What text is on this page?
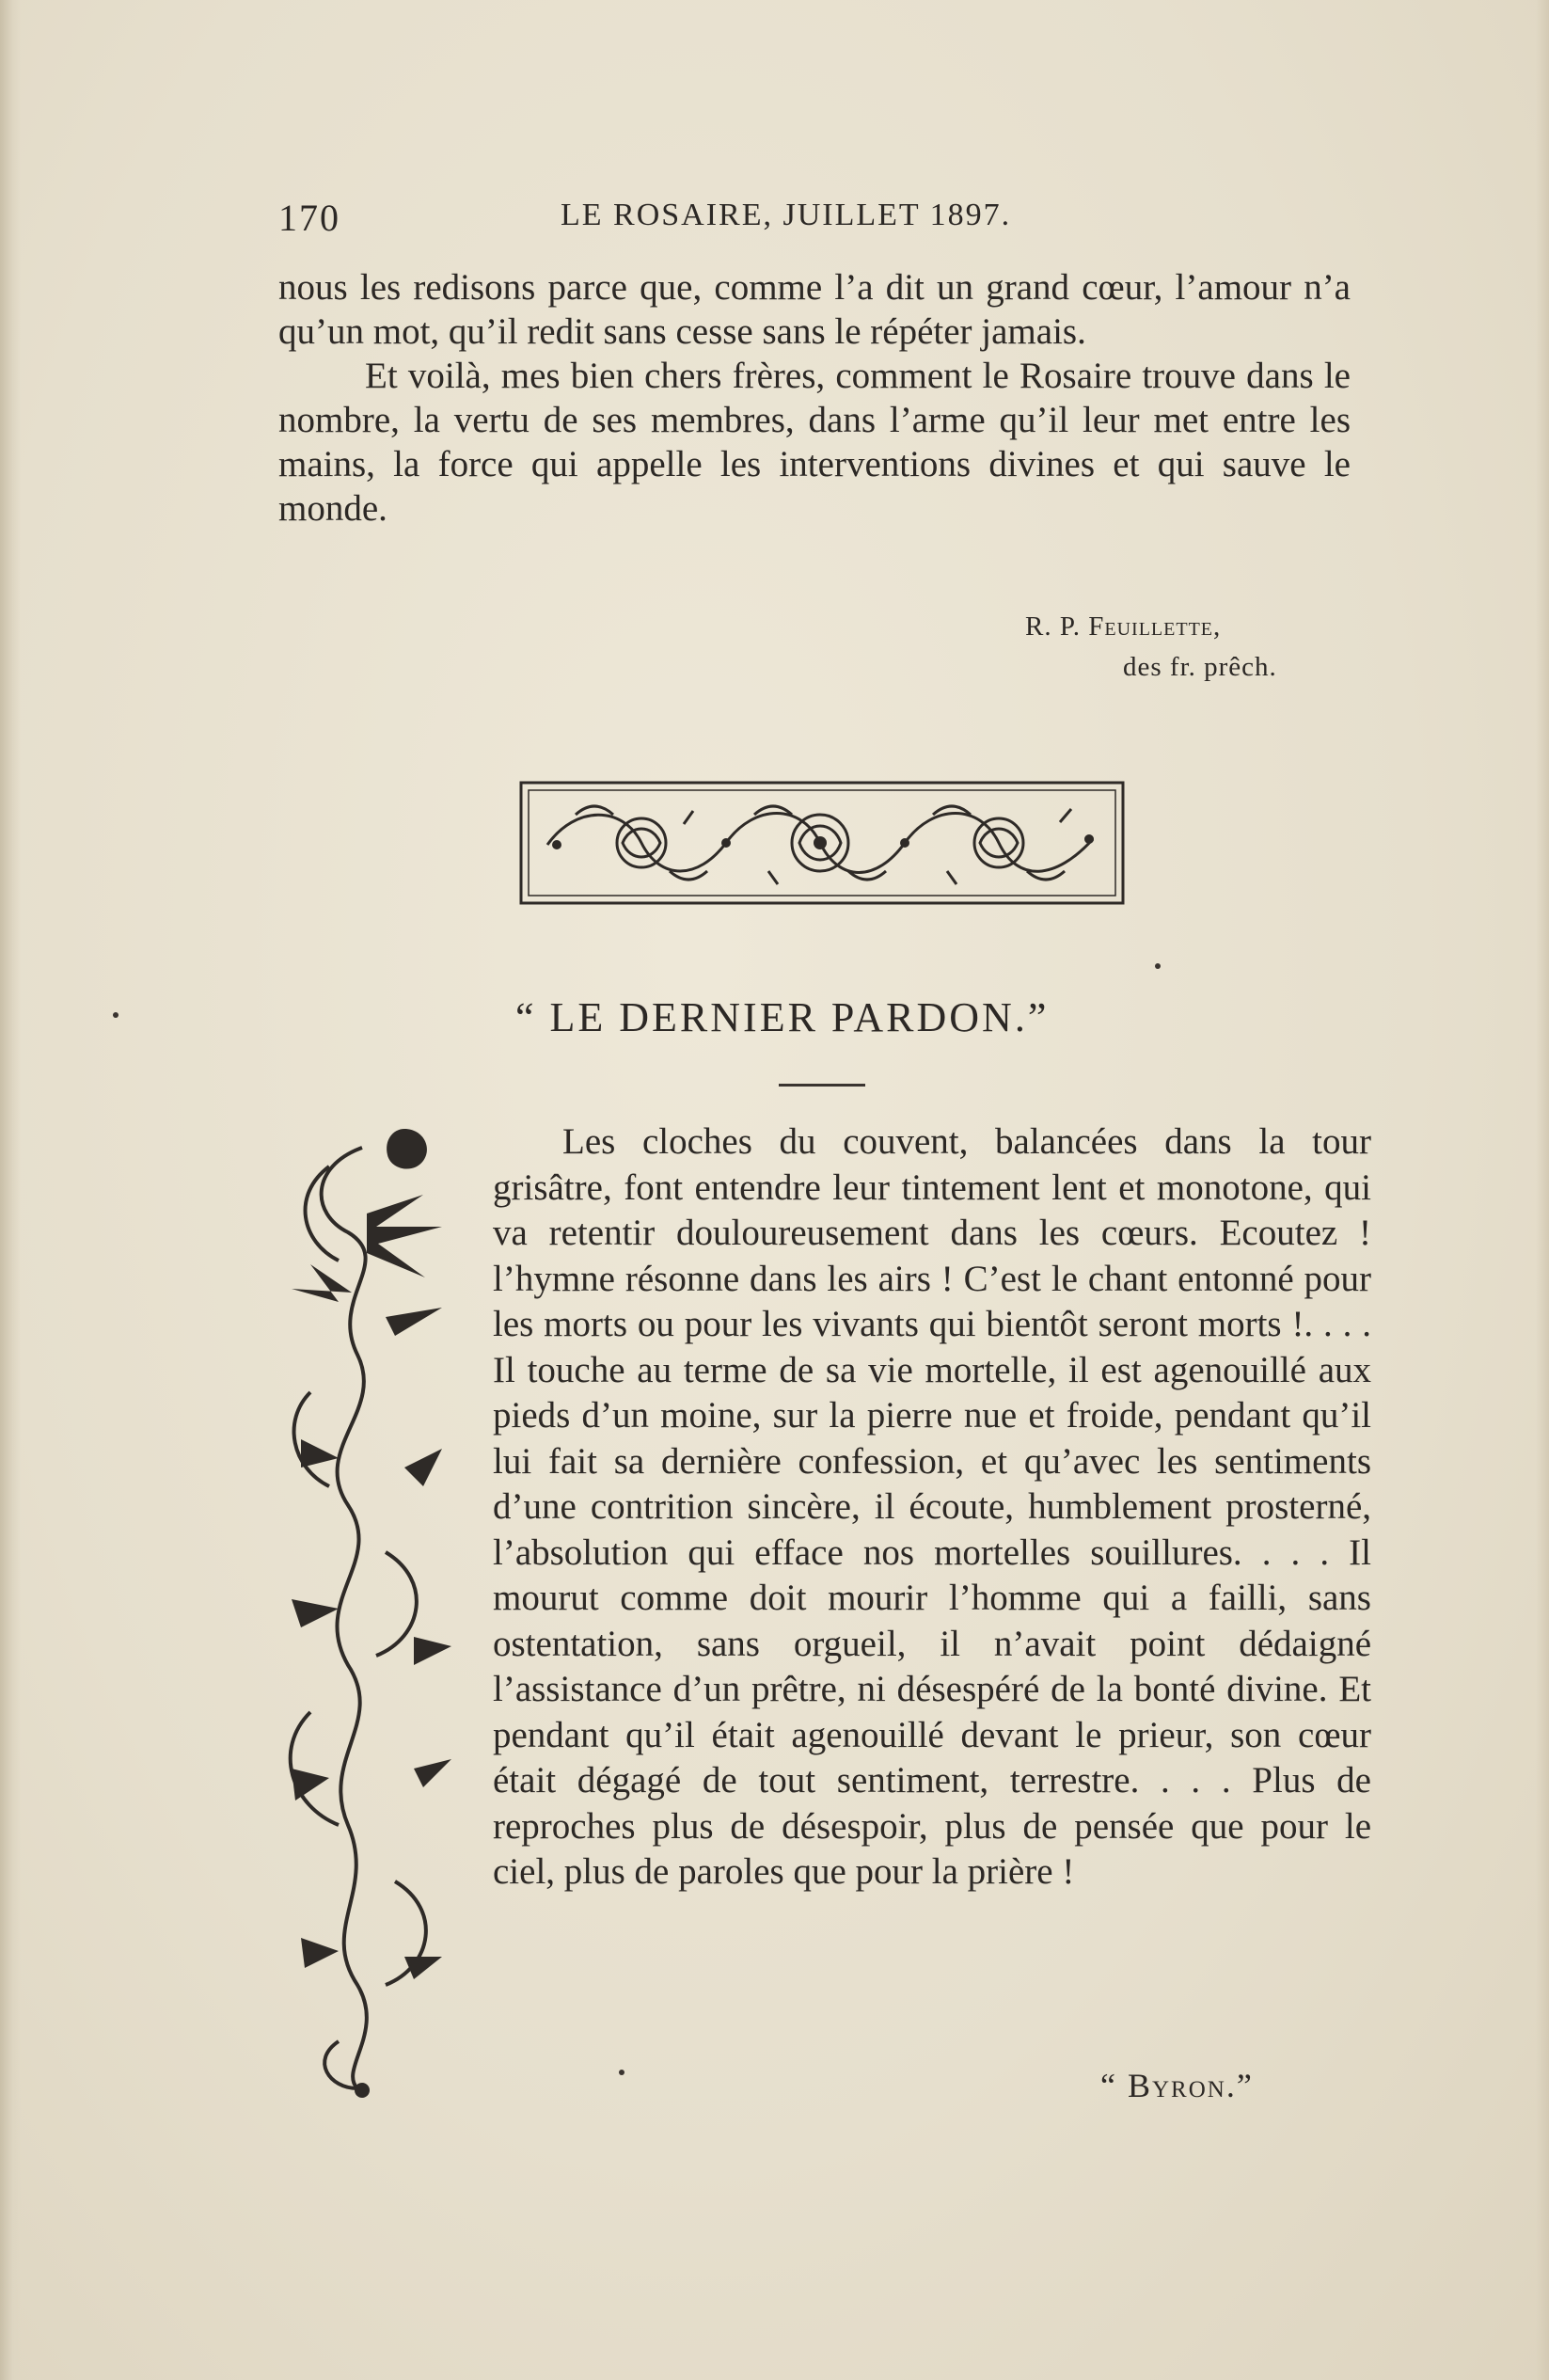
170	LE ROSAIRE, JUILLET 1897.

nous les redisons parce que, comme l’a dit un grand cœur, l’amour n’a qu’un mot, qu’il redit sans cesse sans le répéter jamais.

Et voilà, mes bien chers frères, comment le Rosaire trouve dans le nombre, la vertu de ses membres, dans l’arme qu’il leur met entre les mains, la force qui appelle les interventions divines et qui sauve le monde.

R. P. Feuillette,
des fr. prêch.
“ LE DERNIER PARDON.”

Les cloches du couvent, balancées dans la tour grisâtre, font entendre leur tintement lent et monotone, qui va retentir douloureusement dans les cœurs. Ecoutez ! l’hymne résonne dans les airs ! C’est le chant entonné pour les morts ou pour les vivants qui bientôt seront morts !. . . . Il touche au terme de sa vie mortelle, il est agenouillé aux pieds d’un moine, sur la pierre nue et froide, pendant qu’il lui fait sa dernière confession, et qu’avec les sentiments d’une contrition sincère, il écoute, humblement prosterné, l’absolution qui efface nos mortelles souillures. . . . Il mourut comme doit mourir l’homme qui a failli, sans ostentation, sans orgueil, il n’avait point dédaigné l’assistance d’un prêtre, ni désespéré de la bonté divine. Et pendant qu’il était agenouillé devant le prieur, son cœur était dégagé de tout sentiment, terrestre. . . . Plus de reproches plus de désespoir, plus de pensée que pour le ciel, plus de paroles que pour la prière !

“ Byron.”
